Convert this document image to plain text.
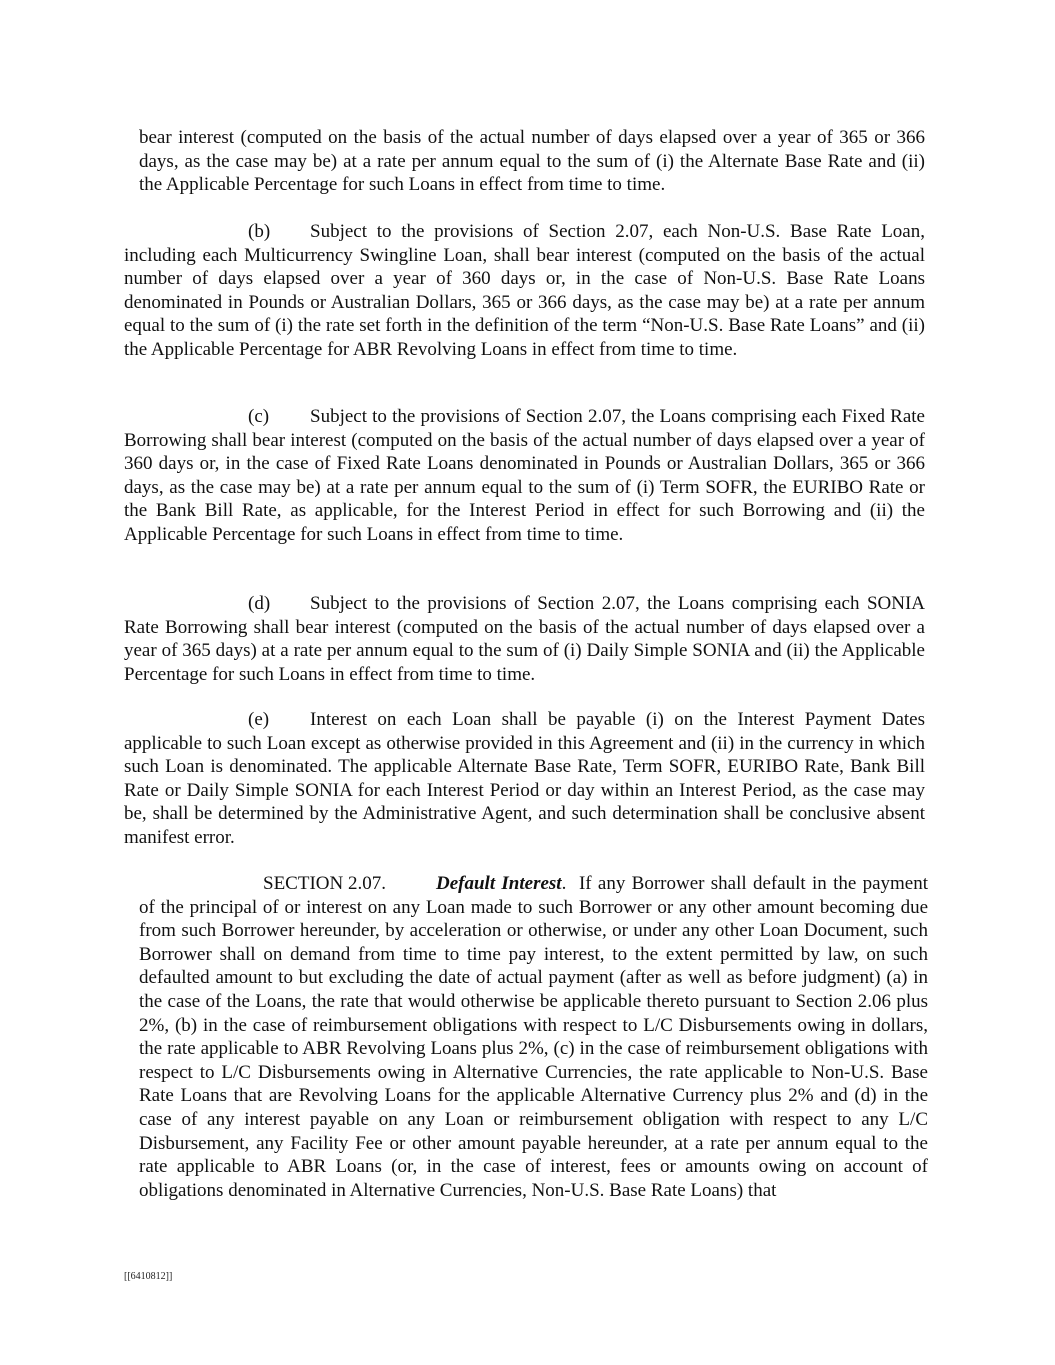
bear interest (computed on the basis of the actual number of days elapsed over a year of 365 or 366 days, as the case may be) at a rate per annum equal to the sum of (i) the Alternate Base Rate and (ii) the Applicable Percentage for such Loans in effect from time to time.

(b) Subject to the provisions of Section 2.07, each Non-U.S. Base Rate Loan, including each Multicurrency Swingline Loan, shall bear interest (computed on the basis of the actual number of days elapsed over a year of 360 days or, in the case of Non-U.S. Base Rate Loans denominated in Pounds or Australian Dollars, 365 or 366 days, as the case may be) at a rate per annum equal to the sum of (i) the rate set forth in the definition of the term “Non-U.S. Base Rate Loans” and (ii) the Applicable Percentage for ABR Revolving Loans in effect from time to time.

(c) Subject to the provisions of Section 2.07, the Loans comprising each Fixed Rate Borrowing shall bear interest (computed on the basis of the actual number of days elapsed over a year of 360 days or, in the case of Fixed Rate Loans denominated in Pounds or Australian Dollars, 365 or 366 days, as the case may be) at a rate per annum equal to the sum of (i) Term SOFR, the EURIBO Rate or the Bank Bill Rate, as applicable, for the Interest Period in effect for such Borrowing and (ii) the Applicable Percentage for such Loans in effect from time to time.

(d) Subject to the provisions of Section 2.07, the Loans comprising each SONIA Rate Borrowing shall bear interest (computed on the basis of the actual number of days elapsed over a year of 365 days) at a rate per annum equal to the sum of (i) Daily Simple SONIA and (ii) the Applicable Percentage for such Loans in effect from time to time.

(e) Interest on each Loan shall be payable (i) on the Interest Payment Dates applicable to such Loan except as otherwise provided in this Agreement and (ii) in the currency in which such Loan is denominated. The applicable Alternate Base Rate, Term SOFR, EURIBO Rate, Bank Bill Rate or Daily Simple SONIA for each Interest Period or day within an Interest Period, as the case may be, shall be determined by the Administrative Agent, and such determination shall be conclusive absent manifest error.

SECTION 2.07.	Default Interest. If any Borrower shall default in the payment of the principal of or interest on any Loan made to such Borrower or any other amount becoming due from such Borrower hereunder, by acceleration or otherwise, or under any other Loan Document, such Borrower shall on demand from time to time pay interest, to the extent permitted by law, on such defaulted amount to but excluding the date of actual payment (after as well as before judgment) (a) in the case of the Loans, the rate that would otherwise be applicable thereto pursuant to Section 2.06 plus 2%, (b) in the case of reimbursement obligations with respect to L/C Disbursements owing in dollars, the rate applicable to ABR Revolving Loans plus 2%, (c) in the case of reimbursement obligations with respect to L/C Disbursements owing in Alternative Currencies, the rate applicable to Non-U.S. Base Rate Loans that are Revolving Loans for the applicable Alternative Currency plus 2% and (d) in the case of any interest payable on any Loan or reimbursement obligation with respect to any L/C Disbursement, any Facility Fee or other amount payable hereunder, at a rate per annum equal to the rate applicable to ABR Loans (or, in the case of interest, fees or amounts owing on account of obligations denominated in Alternative Currencies, Non-U.S. Base Rate Loans) that

[[6410812]]
